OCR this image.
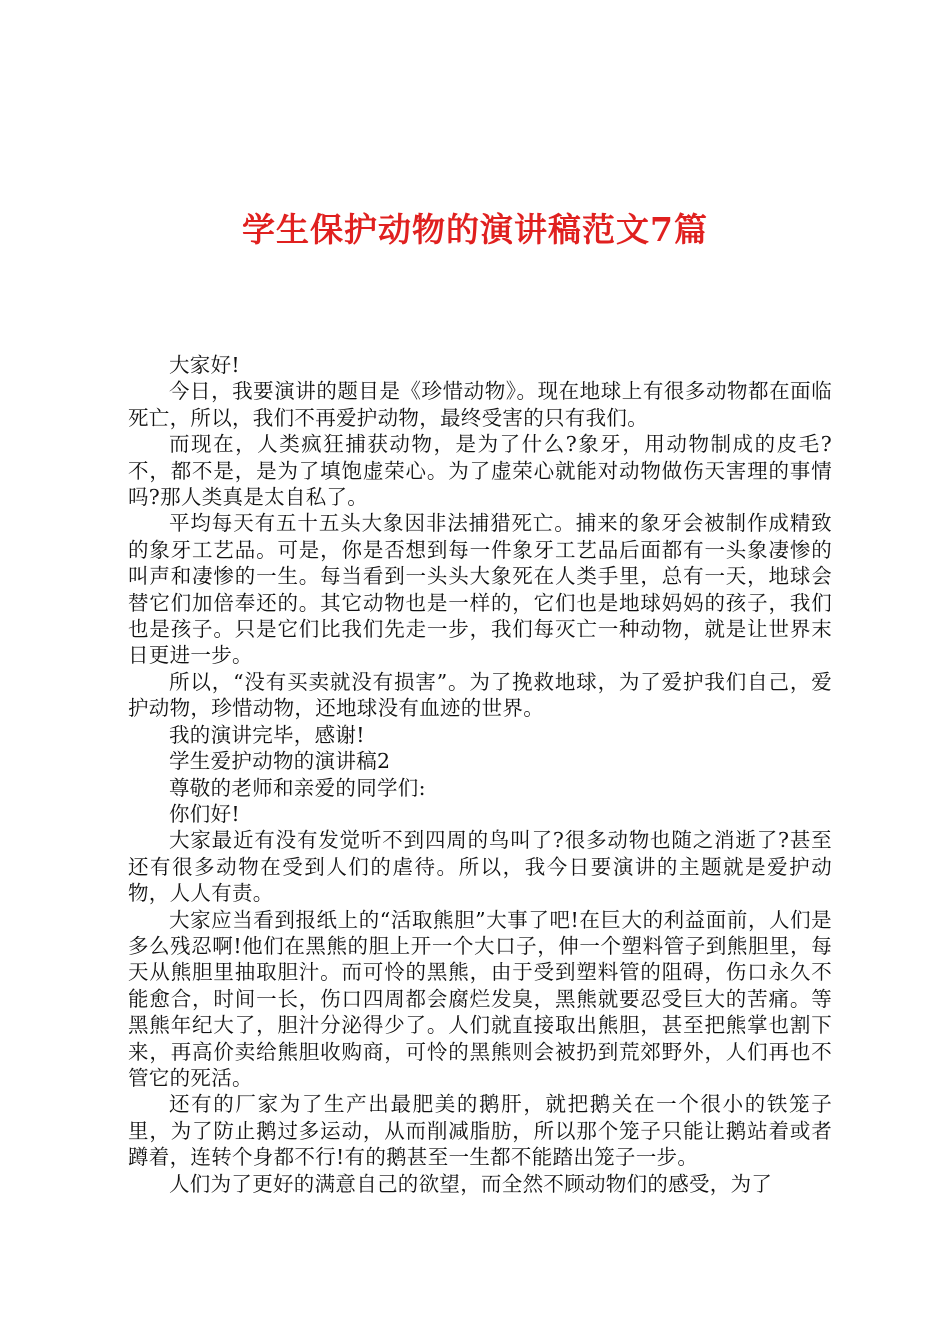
学生保护动物的演讲稿范文7篇

大家好!

今日，我要演讲的题目是《珍惜动物》。现在地球上有很多动物都在面临死亡，所以，我们不再爱护动物，最终受害的只有我们。

而现在，人类疯狂捕获动物，是为了什么?象牙，用动物制成的皮毛?不，都不是，是为了填饱虚荣心。为了虚荣心就能对动物做伤天害理的事情吗?那人类真是太自私了。

平均每天有五十五头大象因非法捕猎死亡。捕来的象牙会被制作成精致的象牙工艺品。可是，你是否想到每一件象牙工艺品后面都有一头象凄惨的叫声和凄惨的一生。每当看到一头头大象死在人类手里，总有一天，地球会替它们加倍奉还的。其它动物也是一样的，它们也是地球妈妈的孩子，我们也是孩子。只是它们比我们先走一步，我们每灭亡一种动物，就是让世界末日更进一步。

所以，“没有买卖就没有损害”。为了挽救地球，为了爱护我们自己，爱护动物，珍惜动物，还地球没有血迹的世界。

我的演讲完毕，感谢!

学生爱护动物的演讲稿2

尊敬的老师和亲爱的同学们:

你们好!

大家最近有没有发觉听不到四周的鸟叫了?很多动物也随之消逝了?甚至还有很多动物在受到人们的虐待。所以，我今日要演讲的主题就是爱护动物，人人有责。

大家应当看到报纸上的“活取熊胆”大事了吧!在巨大的利益面前，人们是多么残忍啊!他们在黑熊的胆上开一个大口子，伸一个塑料管子到熊胆里，每天从熊胆里抽取胆汁。而可怜的黑熊，由于受到塑料管的阻碍，伤口永久不能愈合，时间一长，伤口四周都会腐烂发臭，黑熊就要忍受巨大的苦痛。等黑熊年纪大了，胆汁分泌得少了。人们就直接取出熊胆，甚至把熊掌也割下来，再高价卖给熊胆收购商，可怜的黑熊则会被扔到荒郊野外，人们再也不管它的死活。

还有的厂家为了生产出最肥美的鹅肝，就把鹅关在一个很小的铁笼子里，为了防止鹅过多运动，从而削减脂肪，所以那个笼子只能让鹅站着或者蹲着，连转个身都不行!有的鹅甚至一生都不能踏出笼子一步。

人们为了更好的满意自己的欲望，而全然不顾动物们的感受，为了
